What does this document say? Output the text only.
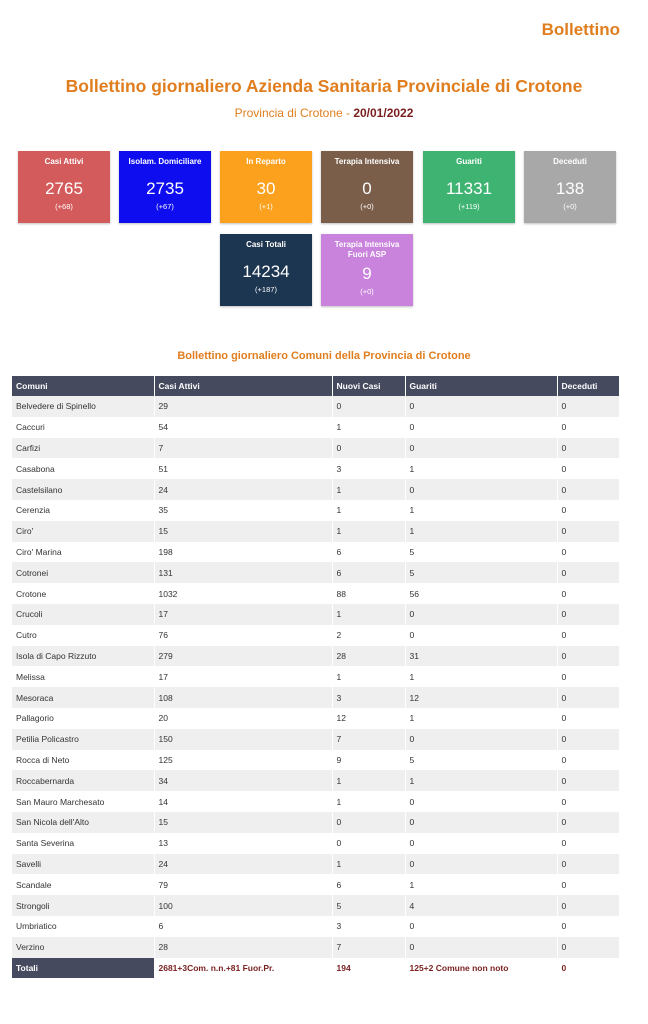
Bollettino
Bollettino giornaliero Azienda Sanitaria Provinciale di Crotone
Provincia di Crotone - 20/01/2022
Casi Attivi
2765
(+68)
Isolam. Domiciliare
2735
(+67)
In Reparto
30
(+1)
Terapia Intensiva
0
(+0)
Guariti
11331
(+119)
Deceduti
138
(+0)
Casi Totali
14234
(+187)
Terapia Intensiva Fuori ASP
9
(+0)
Bollettino giornaliero Comuni della Provincia di Crotone
Comuni	Casi Attivi	Nuovi Casi	Guariti	Deceduti
Belvedere di Spinello	29	0	0	0
Caccuri	54	1	0	0
Carfizi	7	0	0	0
Casabona	51	3	1	0
Castelsilano	24	1	0	0
Cerenzia	35	1	1	0
Cirо'	15	1	1	0
Cirо' Marina	198	6	5	0
Cotronei	131	6	5	0
Crotone	1032	88	56	0
Crucoli	17	1	0	0
Cutro	76	2	0	0
Isola di Capo Rizzuto	279	28	31	0
Melissa	17	1	1	0
Mesoraca	108	3	12	0
Pallagorio	20	12	1	0
Petilia Policastro	150	7	0	0
Rocca di Neto	125	9	5	0
Roccabernarda	34	1	1	0
San Mauro Marchesato	14	1	0	0
San Nicola dell'Alto	15	0	0	0
Santa Severina	13	0	0	0
Savelli	24	1	0	0
Scandale	79	6	1	0
Strongoli	100	5	4	0
Umbriatico	6	3	0	0
Verzino	28	7	0	0
Totali	2681+3Com. n.n.+81 Fuor.Pr.	194	125+2 Comune non noto	0
